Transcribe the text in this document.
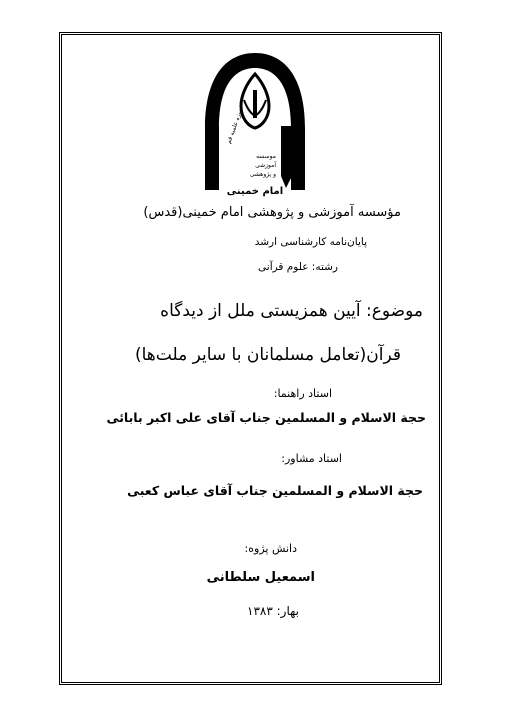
حوزه علمیه قم
موسسه
آموزشی
و پژوهشی
امام خمینی
مؤسسه آموزشی و پژوهشی امام خمینی(قدس)
پایان‌نامه کارشناسی ارشد
رشته: علوم قرآنی
موضوع: آیین همزیستی ملل از دیدگاه
قرآن(تعامل مسلمانان با سایر ملت‌ها)
استاد راهنما:
حجة الاسلام و المسلمین جناب آقای علی اکبر بابائی
استاد مشاور:
حجة الاسلام و المسلمین جناب آقای عباس کعبی
دانش پژوه:
اسمعیل سلطانی
بهار: ۱۳۸۳
